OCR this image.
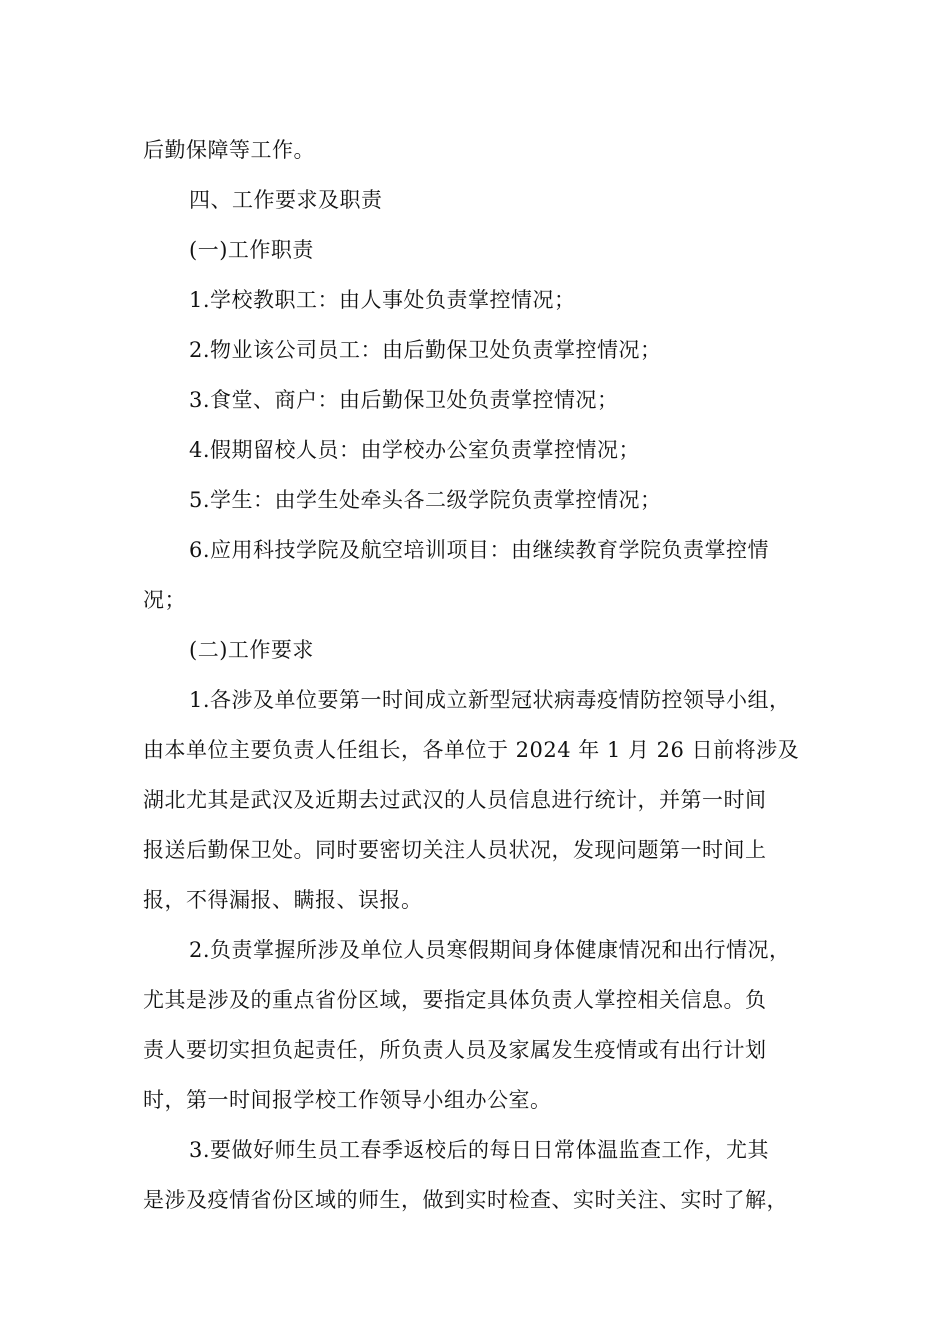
后勤保障等工作。
四、工作要求及职责
(一)工作职责
1.学校教职工：由人事处负责掌控情况；
2.物业该公司员工：由后勤保卫处负责掌控情况；
3.食堂、商户：由后勤保卫处负责掌控情况；
4.假期留校人员：由学校办公室负责掌控情况；
5.学生：由学生处牵头各二级学院负责掌控情况；
6.应用科技学院及航空培训项目：由继续教育学院负责掌控情
况；
(二)工作要求
1.各涉及单位要第一时间成立新型冠状病毒疫情防控领导小组，
由本单位主要负责人任组长，各单位于 2024 年 1 月 26 日前将涉及
湖北尤其是武汉及近期去过武汉的人员信息进行统计，并第一时间
报送后勤保卫处。同时要密切关注人员状况，发现问题第一时间上
报，不得漏报、瞒报、误报。
2.负责掌握所涉及单位人员寒假期间身体健康情况和出行情况，
尤其是涉及的重点省份区域，要指定具体负责人掌控相关信息。负
责人要切实担负起责任，所负责人员及家属发生疫情或有出行计划
时，第一时间报学校工作领导小组办公室。
3.要做好师生员工春季返校后的每日日常体温监查工作，尤其
是涉及疫情省份区域的师生，做到实时检查、实时关注、实时了解，
